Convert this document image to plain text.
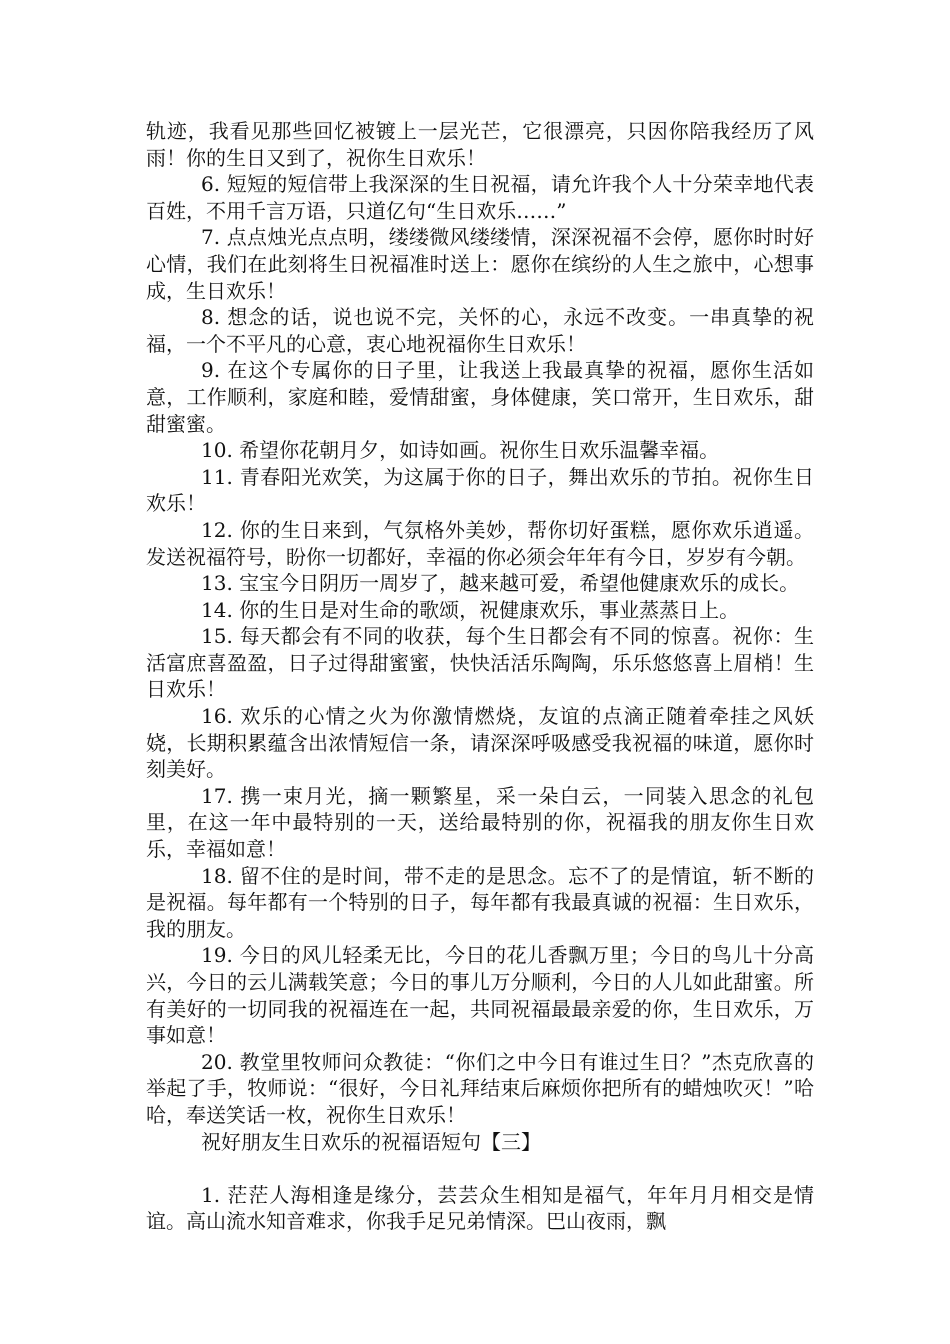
轨迹，我看见那些回忆被镀上一层光芒，它很漂亮，只因你陪我经历了风雨！你的生日又到了，祝你生日欢乐！

6. 短短的短信带上我深深的生日祝福，请允许我个人十分荣幸地代表百姓，不用千言万语，只道亿句“生日欢乐……”

7. 点点烛光点点明，缕缕微风缕缕情，深深祝福不会停，愿你时时好心情，我们在此刻将生日祝福准时送上：愿你在缤纷的人生之旅中，心想事成，生日欢乐！

8. 想念的话，说也说不完，关怀的心，永远不改变。一串真挚的祝福，一个不平凡的心意，衷心地祝福你生日欢乐！

9. 在这个专属你的日子里，让我送上我最真挚的祝福，愿你生活如意，工作顺利，家庭和睦，爱情甜蜜，身体健康，笑口常开，生日欢乐，甜甜蜜蜜。

10. 希望你花朝月夕，如诗如画。祝你生日欢乐温馨幸福。

11. 青春阳光欢笑，为这属于你的日子，舞出欢乐的节拍。祝你生日欢乐！

12. 你的生日来到，气氛格外美妙，帮你切好蛋糕，愿你欢乐逍遥。发送祝福符号，盼你一切都好，幸福的你必须会年年有今日，岁岁有今朝。

13. 宝宝今日阴历一周岁了，越来越可爱，希望他健康欢乐的成长。

14. 你的生日是对生命的歌颂，祝健康欢乐，事业蒸蒸日上。

15. 每天都会有不同的收获，每个生日都会有不同的惊喜。祝你：生活富庶喜盈盈，日子过得甜蜜蜜，快快活活乐陶陶，乐乐悠悠喜上眉梢！生日欢乐！

16. 欢乐的心情之火为你激情燃烧，友谊的点滴正随着牵挂之风妖娆，长期积累蕴含出浓情短信一条，请深深呼吸感受我祝福的味道，愿你时刻美好。

17. 携一束月光，摘一颗繁星，采一朵白云，一同装入思念的礼包里，在这一年中最特别的一天，送给最特别的你，祝福我的朋友你生日欢乐，幸福如意！

18. 留不住的是时间，带不走的是思念。忘不了的是情谊，斩不断的是祝福。每年都有一个特别的日子，每年都有我最真诚的祝福：生日欢乐，我的朋友。

19. 今日的风儿轻柔无比，今日的花儿香飘万里；今日的鸟儿十分高兴，今日的云儿满载笑意；今日的事儿万分顺利，今日的人儿如此甜蜜。所有美好的一切同我的祝福连在一起，共同祝福最最亲爱的你，生日欢乐，万事如意！

20. 教堂里牧师问众教徒：“你们之中今日有谁过生日？”杰克欣喜的举起了手，牧师说：“很好，今日礼拜结束后麻烦你把所有的蜡烛吹灭！”哈哈，奉送笑话一枚，祝你生日欢乐！

祝好朋友生日欢乐的祝福语短句【三】

1. 茫茫人海相逢是缘分，芸芸众生相知是福气，年年月月相交是情谊。高山流水知音难求，你我手足兄弟情深。巴山夜雨，飘
